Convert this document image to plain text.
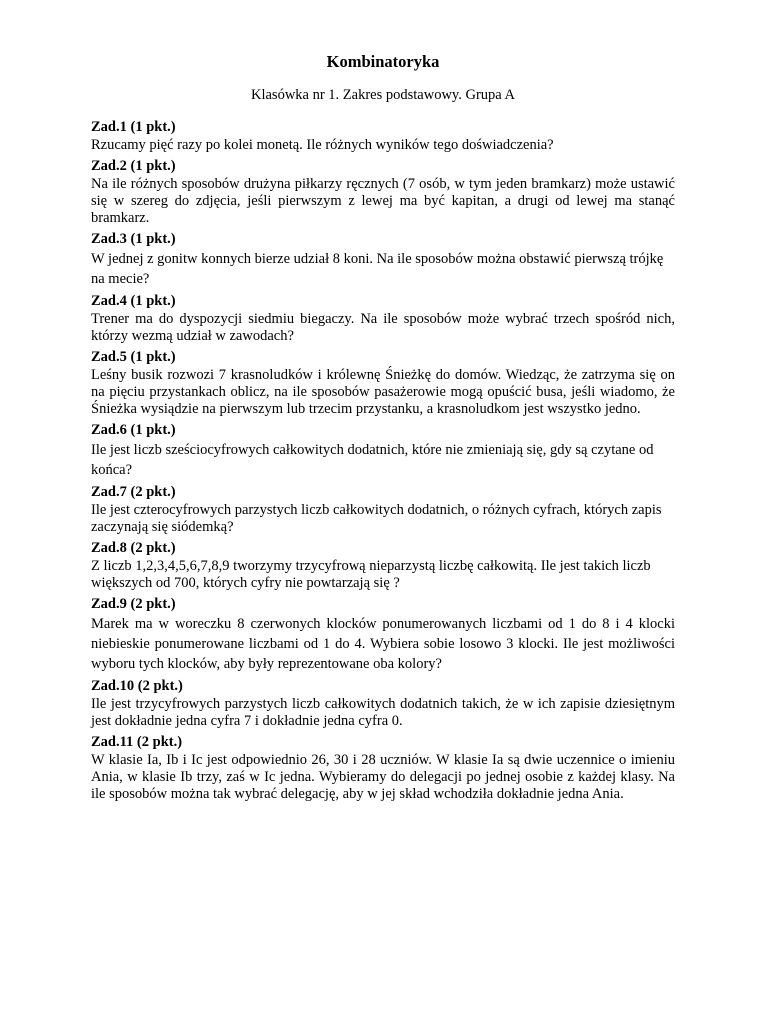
Kombinatoryka
Klasówka nr 1. Zakres podstawowy. Grupa A
Zad.1 (1 pkt.)
Rzucamy pięć razy po kolei monetą. Ile różnych wyników tego doświadczenia?
Zad.2 (1 pkt.)
Na ile różnych sposobów drużyna piłkarzy ręcznych (7 osób, w tym jeden bramkarz) może ustawić się w szereg do zdjęcia, jeśli pierwszym z lewej ma być kapitan, a drugi od lewej ma stanąć bramkarz.
Zad.3 (1 pkt.)
W jednej z gonitw konnych bierze udział 8 koni. Na ile sposobów można obstawić pierwszą trójkę na mecie?
Zad.4 (1 pkt.)
Trener ma do dyspozycji siedmiu biegaczy. Na ile sposobów może wybrać trzech spośród nich, którzy wezmą udział w zawodach?
Zad.5 (1 pkt.)
Leśny busik rozwozi 7 krasnoludków i królewnę Śnieżkę do domów. Wiedząc, że zatrzyma się on na pięciu przystankach oblicz, na ile sposobów pasażerowie mogą opuścić busa, jeśli wiadomo, że Śnieżka wysiądzie na pierwszym lub trzecim przystanku, a krasnoludkom jest wszystko jedno.
Zad.6 (1 pkt.)
Ile jest liczb sześciocyfrowych całkowitych dodatnich, które nie zmieniają się, gdy są czytane od końca?
Zad.7 (2 pkt.)
Ile jest czterocyfrowych parzystych liczb całkowitych dodatnich, o różnych cyfrach, których zapis zaczynają się siódemką?
Zad.8 (2 pkt.)
Z liczb 1,2,3,4,5,6,7,8,9 tworzymy trzycyfrową nieparzystą liczbę całkowitą. Ile jest takich liczb większych od 700, których cyfry nie powtarzają się ?
Zad.9 (2 pkt.)
Marek ma w woreczku 8 czerwonych klocków ponumerowanych liczbami od 1 do 8 i 4 klocki niebieskie ponumerowane liczbami od 1 do 4. Wybiera sobie losowo 3 klocki. Ile jest możliwości wyboru tych klocków, aby były reprezentowane oba kolory?
Zad.10 (2 pkt.)
Ile jest trzycyfrowych parzystych liczb całkowitych dodatnich takich, że w ich zapisie dziesiętnym jest dokładnie jedna cyfra 7 i dokładnie jedna cyfra 0.
Zad.11 (2 pkt.)
W klasie Ia, Ib i Ic jest odpowiednio 26, 30 i 28 uczniów. W klasie Ia są dwie uczennice o imieniu Ania, w klasie Ib trzy, zaś w Ic jedna. Wybieramy do delegacji po jednej osobie z każdej klasy. Na ile sposobów można tak wybrać delegację, aby w jej skład wchodziła dokładnie jedna Ania.
